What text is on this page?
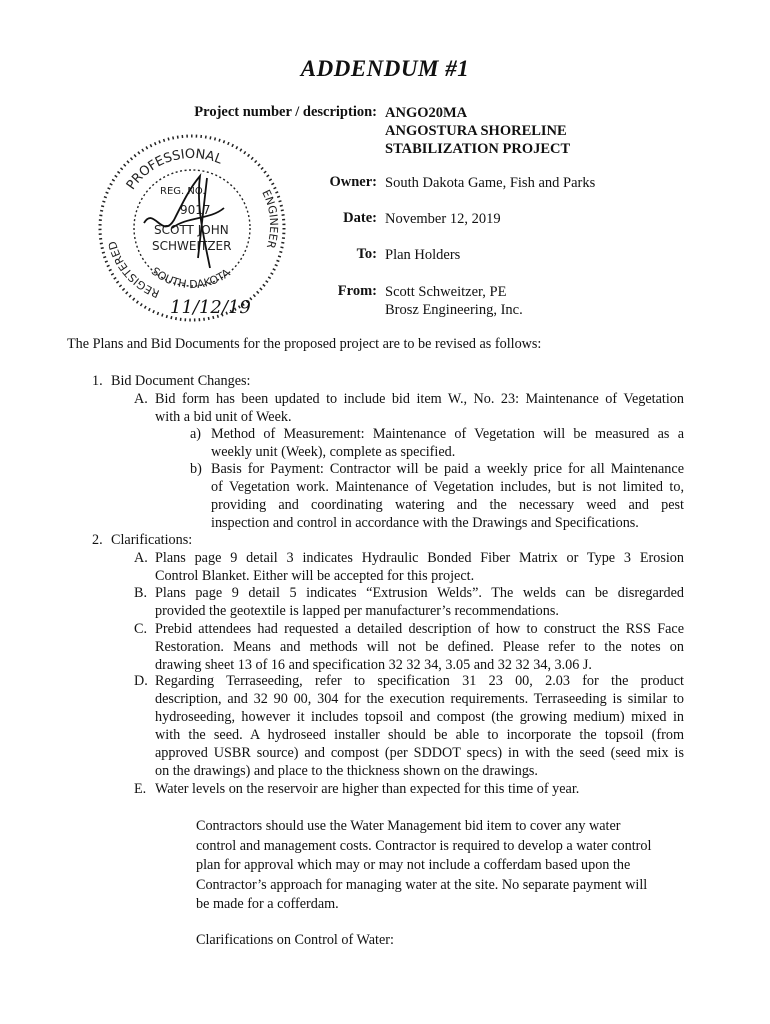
ADDENDUM #1
Project number / description: ANGO20MA
ANGOSTURA SHORELINE
STABILIZATION PROJECT
Owner: South Dakota Game, Fish and Parks
Date: November 12, 2019
To: Plan Holders
From: Scott Schweitzer, PE
Brosz Engineering, Inc.
PROFESSIONAL
REGISTERED
ENGINEER
SOUTH DAKOTA
REG. NO.
9017
SCOTT JOHN
SCHWEITZER
11/12/19
The Plans and Bid Documents for the proposed project are to be revised as follows:
1. Bid Document Changes:
A. Bid form has been updated to include bid item W., No. 23: Maintenance of Vegetation
with a bid unit of Week.
a) Method of Measurement: Maintenance of Vegetation will be measured as a
weekly unit (Week), complete as specified.
b) Basis for Payment: Contractor will be paid a weekly price for all Maintenance
of Vegetation work. Maintenance of Vegetation includes, but is not limited to,
providing and coordinating watering and the necessary weed and pest
inspection and control in accordance with the Drawings and Specifications.
2. Clarifications:
A. Plans page 9 detail 3 indicates Hydraulic Bonded Fiber Matrix or Type 3 Erosion
Control Blanket. Either will be accepted for this project.
B. Plans page 9 detail 5 indicates “Extrusion Welds”. The welds can be disregarded
provided the geotextile is lapped per manufacturer’s recommendations.
C. Prebid attendees had requested a detailed description of how to construct the RSS Face
Restoration. Means and methods will not be defined. Please refer to the notes on
drawing sheet 13 of 16 and specification 32 32 34, 3.05 and 32 32 34, 3.06 J.
D. Regarding Terraseeding, refer to specification 31 23 00, 2.03 for the product
description, and 32 90 00, 304 for the execution requirements. Terraseeding is similar to
hydroseeding, however it includes topsoil and compost (the growing medium) mixed in
with the seed. A hydroseed installer should be able to incorporate the topsoil (from
approved USBR source) and compost (per SDDOT specs) in with the seed (seed mix is
on the drawings) and place to the thickness shown on the drawings.
E. Water levels on the reservoir are higher than expected for this time of year.
Contractors should use the Water Management bid item to cover any water
control and management costs. Contractor is required to develop a water control
plan for approval which may or may not include a cofferdam based upon the
Contractor’s approach for managing water at the site. No separate payment will
be made for a cofferdam.
Clarifications on Control of Water:
